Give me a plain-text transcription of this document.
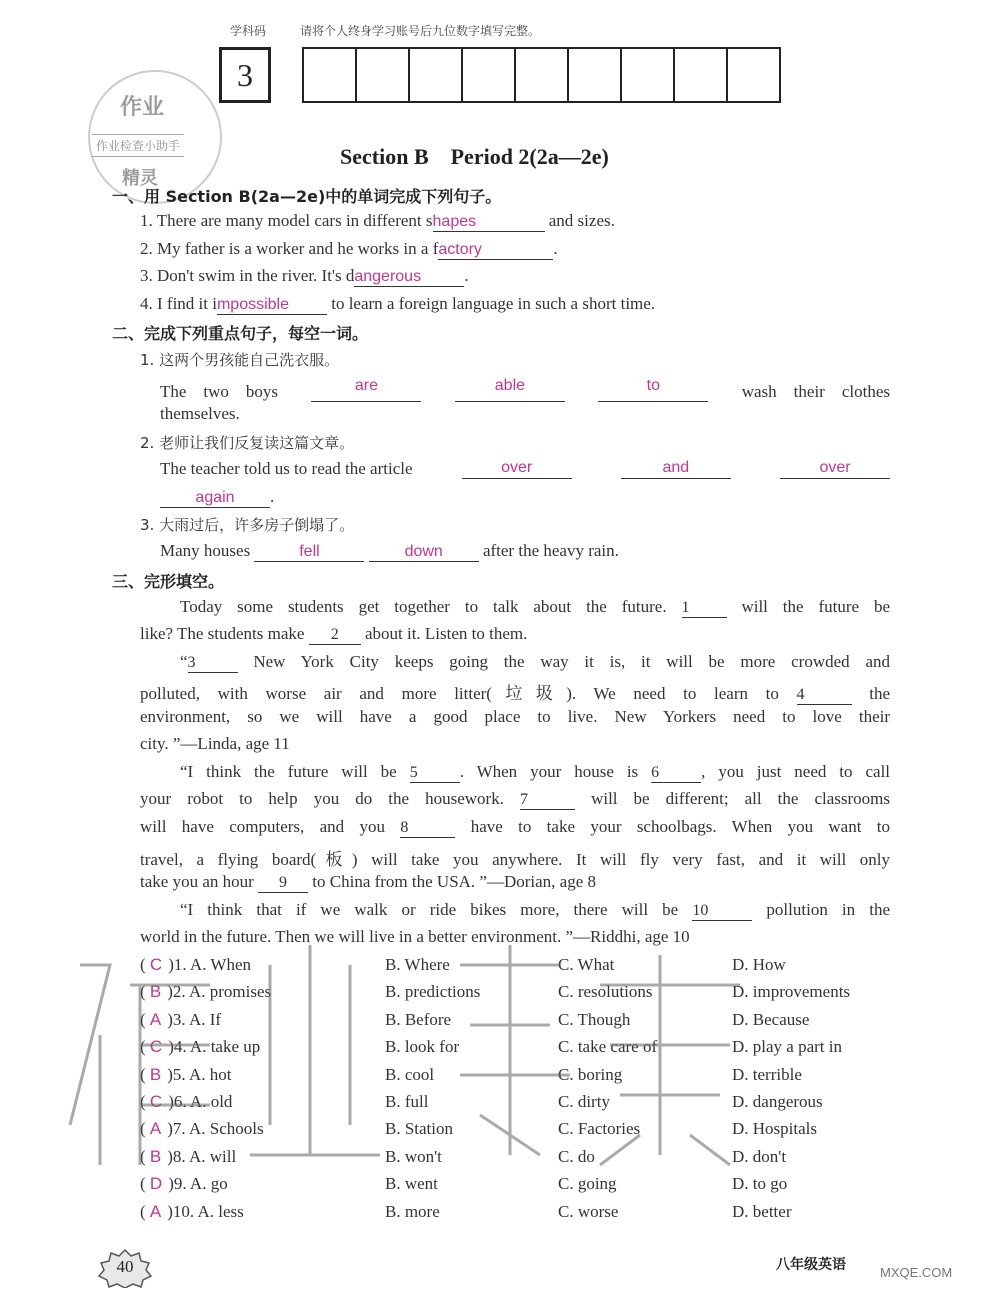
学科码	请将个人终身学习账号后九位数字填写完整。
3
作业
作业检查小助手
精灵
Section B　Period 2(2a—2e)
一、用 Section B(2a—2e)中的单词完成下列句子。
1. There are many model cars in different shapes	and sizes.
2. My father is a worker and he works in a factory	.
3. Don't swim in the river. It's dangerous	.
4. I find it impossible to learn a foreign language in such a short time.
二、完成下列重点句子，每空一词。
1. 这两个男孩能自己洗衣服。
The　two　boys	are	able	to	wash　their　clothes
themselves.
2. 老师让我们反复读这篇文章。
The teacher told us to read the article	over	and	over
again .
3. 大雨过后，许多房子倒塌了。
Many houses	fell	down after the heavy rain.
三、完形填空。
Today some students get together to talk about the future. 1	will the future be
like? The students make 2 about it. Listen to them.
“3	New York City keeps going the way it is, it will be more crowded and
polluted, with worse air and more litter(垃圾). We need to learn to 4	the
environment, so we will have a good place to live. New Yorkers need to love their
city. ”—Linda, age 11
“I think the future will be 5 . When your house is 6 , you just need to call
your robot to help you do the housework. 7	will be different; all the classrooms
will have computers, and you 8	have to take your schoolbags. When you want to
travel, a flying board(板) will take you anywhere. It will fly very fast, and it will only
take you an hour 9 to China from the USA. ”—Dorian, age 8
“I think that if we walk or ride bikes more, there will be 10	pollution in the
world in the future. Then we will live in a better environment. ”—Riddhi, age 10
( C )1. A. When	B. Where	C. What	D. How
( B )2. A. promises	B. predictions	C. resolutions	D. improvements
( A )3. A. If	B. Before	C. Though	D. Because
( C )4. A. take up	B. look for	C. take care of	D. play a part in
( B )5. A. hot	B. cool	C. boring	D. terrible
( C )6. A. old	B. full	C. dirty	D. dangerous
( A )7. A. Schools	B. Station	C. Factories	D. Hospitals
( B )8. A. will	B. won't	C. do	D. don't
( D )9. A. go	B. went	C. going	D. to go
( A )10. A. less	B. more	C. worse	D. better
40	八年级英语	MXQE.COM
